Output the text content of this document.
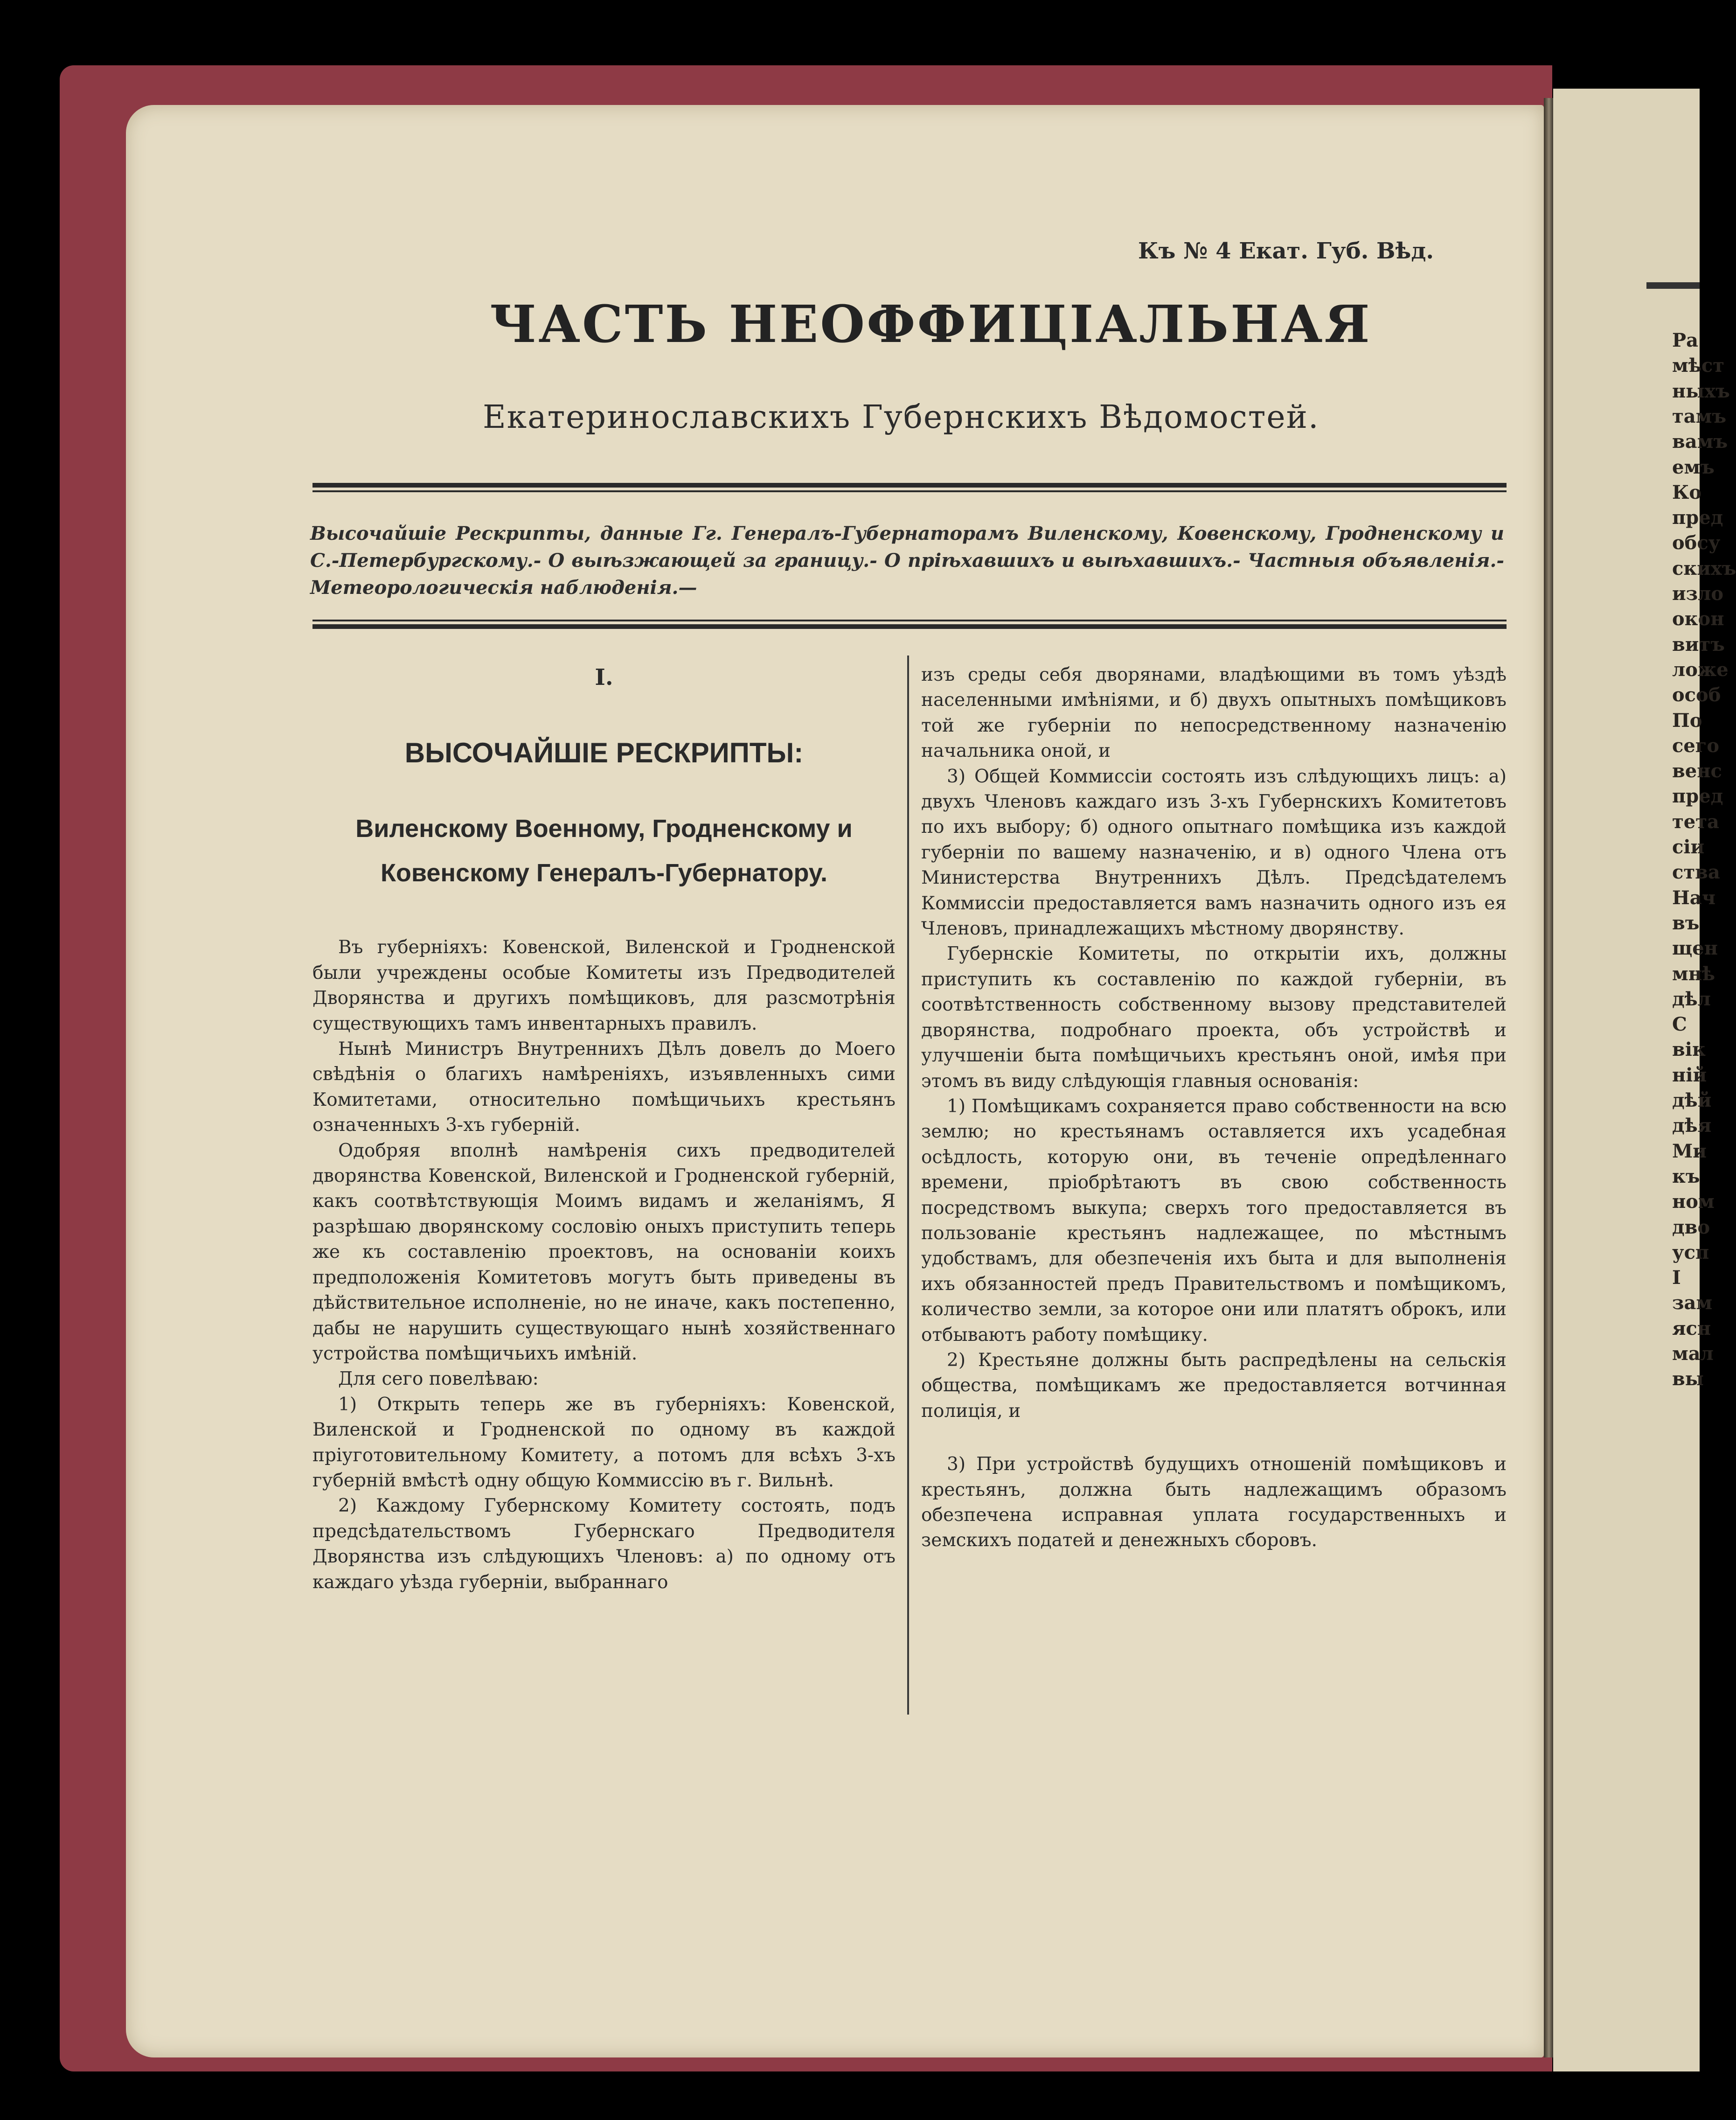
Ра
мѣст
ныхъ
тамъ
вамъ
емъ
Ко
пред
обсу
скихъ
изло
окон
витъ
ложе
особ
По
сего
венс
пред
тета
сіи
ства
Нач
въ
щен
мнѣ
дѣл
С
вік
ній
дѣй
дѣя
Ми
къ
ном
дво
усп
І
зам
ясн
мал
вы
Къ № 4 Екат. Губ. Вѣд.
ЧАСТЬ НЕОФФИЦІАЛЬНАЯ
Екатеринославскихъ Губернскихъ Вѣдомостей.
Высочайшіе Рескрипты, данные Гг. Генералъ-Губернаторамъ Виленскому, Ковенскому, Гродненскому и С.-Петербургскому.- О выѣзжающей за границу.- О пріѣхавшихъ и выѣхавшихъ.- Частныя объявленія.- Метеорологическія наблюденія.—
I.
ВЫСОЧАЙШІЕ РЕСКРИПТЫ:
Виленскому Военному, Гродненскому и Ковенскому Генералъ-Губернатору.

Въ губерніяхъ: Ковенской, Виленской и Гродненской были учреждены особые Комитеты изъ Предводителей Дворянства и другихъ помѣщиковъ, для разсмотрѣнія существующихъ тамъ инвентарныхъ правилъ.

Нынѣ Министръ Внутреннихъ Дѣлъ довелъ до Моего свѣдѣнія о благихъ намѣреніяхъ, изъявленныхъ сими Комитетами, относительно помѣщичьихъ крестьянъ означенныхъ 3-хъ губерній.

Одобряя вполнѣ намѣренія сихъ предводителей дворянства Ковенской, Виленской и Гродненской губерній, какъ соотвѣтствующія Моимъ видамъ и желаніямъ, Я разрѣшаю дворянскому сословію оныхъ приступить теперь же къ составленію проектовъ, на основаніи коихъ предположенія Комитетовъ могутъ быть приведены въ дѣйствительное исполненіе, но не иначе, какъ постепенно, дабы не нарушить существующаго нынѣ хозяйственнаго устройства помѣщичьихъ имѣній.

Для сего повелѣваю:

1) Открыть теперь же въ губерніяхъ: Ковенской, Виленской и Гродненской по одному въ каждой пріуготовительному Комитету, а потомъ для всѣхъ 3-хъ губерній вмѣстѣ одну общую Коммиссію въ г. Вильнѣ.

2) Каждому Губернскому Комитету состоять, подъ предсѣдательствомъ Губернскаго Предводителя Дворянства изъ слѣдующихъ Членовъ: а) по одному отъ каждаго уѣзда губерніи, выбраннаго

изъ среды себя дворянами, владѣющими въ томъ уѣздѣ населенными имѣніями, и б) двухъ опытныхъ помѣщиковъ той же губерніи по непосредственному назначенію начальника оной, и

3) Общей Коммиссіи состоять изъ слѣдующихъ лицъ: а) двухъ Членовъ каждаго изъ 3-хъ Губернскихъ Комитетовъ по ихъ выбору; б) одного опытнаго помѣщика изъ каждой губерніи по вашему назначенію, и в) одного Члена отъ Министерства Внутреннихъ Дѣлъ. Предсѣдателемъ Коммиссіи предоставляется вамъ назначить одного изъ ея Членовъ, принадлежащихъ мѣстному дворянству.

Губернскіе Комитеты, по открытіи ихъ, должны приступить къ составленію по каждой губерніи, въ соотвѣтственность собственному вызову представителей дворянства, подробнаго проекта, объ устройствѣ и улучшеніи быта помѣщичьихъ крестьянъ оной, имѣя при этомъ въ виду слѣдующія главныя основанія:

1) Помѣщикамъ сохраняется право собственности на всю землю; но крестьянамъ оставляется ихъ усадебная осѣдлость, которую они, въ теченіе опредѣленнаго времени, пріобрѣтаютъ въ свою собственность посредствомъ выкупа; сверхъ того предоставляется въ пользованіе крестьянъ надлежащее, по мѣстнымъ удобствамъ, для обезпеченія ихъ быта и для выполненія ихъ обязанностей предъ Правительствомъ и помѣщикомъ, количество земли, за которое они или платятъ оброкъ, или отбываютъ работу помѣщику.

2) Крестьяне должны быть распредѣлены на сельскія общества, помѣщикамъ же предоставляется вотчинная полиція, и

3) При устройствѣ будущихъ отношеній помѣщиковъ и крестьянъ, должна быть надлежащимъ образомъ обезпечена исправная уплата государственныхъ и земскихъ податей и денежныхъ сборовъ.
